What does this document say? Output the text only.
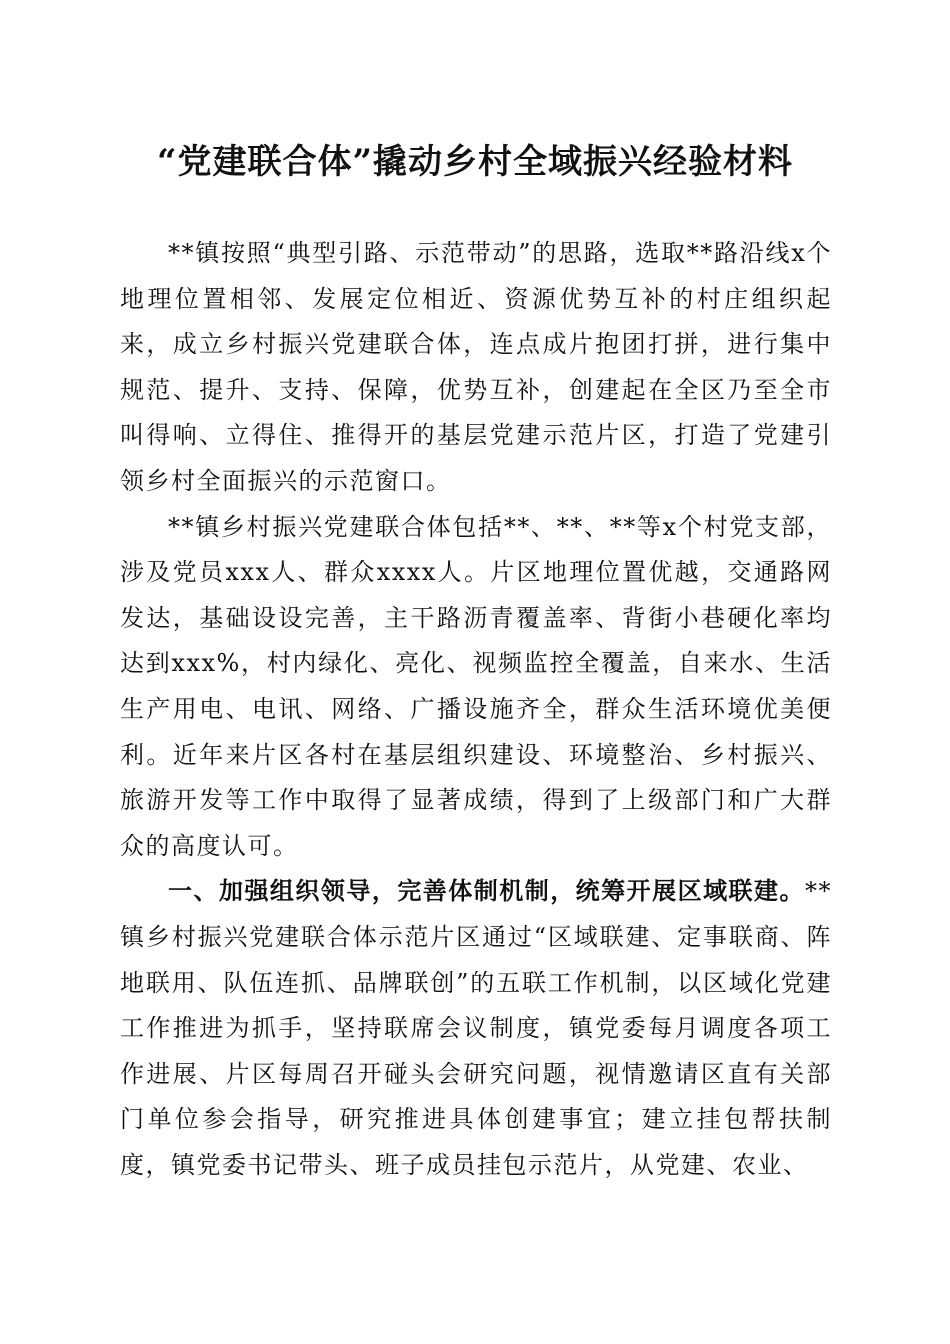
“党建联合体”撬动乡村全域振兴经验材料

**镇按照“典型引路、示范带动”的思路，选取**路沿线x个地理位置相邻、发展定位相近、资源优势互补的村庄组织起来，成立乡村振兴党建联合体，连点成片抱团打拼，进行集中规范、提升、支持、保障，优势互补，创建起在全区乃至全市叫得响、立得住、推得开的基层党建示范片区，打造了党建引领乡村全面振兴的示范窗口。

**镇乡村振兴党建联合体包括**、**、**等x个村党支部，涉及党员xxx人、群众xxxx人。片区地理位置优越，交通路网发达，基础设设完善，主干路沥青覆盖率、背街小巷硬化率均达到xxx%，村内绿化、亮化、视频监控全覆盖，自来水、生活生产用电、电讯、网络、广播设施齐全，群众生活环境优美便利。近年来片区各村在基层组织建设、环境整治、乡村振兴、旅游开发等工作中取得了显著成绩，得到了上级部门和广大群众的高度认可。

一、加强组织领导，完善体制机制，统筹开展区域联建。**镇乡村振兴党建联合体示范片区通过“区域联建、定事联商、阵地联用、队伍连抓、品牌联创”的五联工作机制，以区域化党建工作推进为抓手，坚持联席会议制度，镇党委每月调度各项工作进展、片区每周召开碰头会研究问题，视情邀请区直有关部门单位参会指导，研究推进具体创建事宜；建立挂包帮扶制度，镇党委书记带头、班子成员挂包示范片，从党建、农业、
